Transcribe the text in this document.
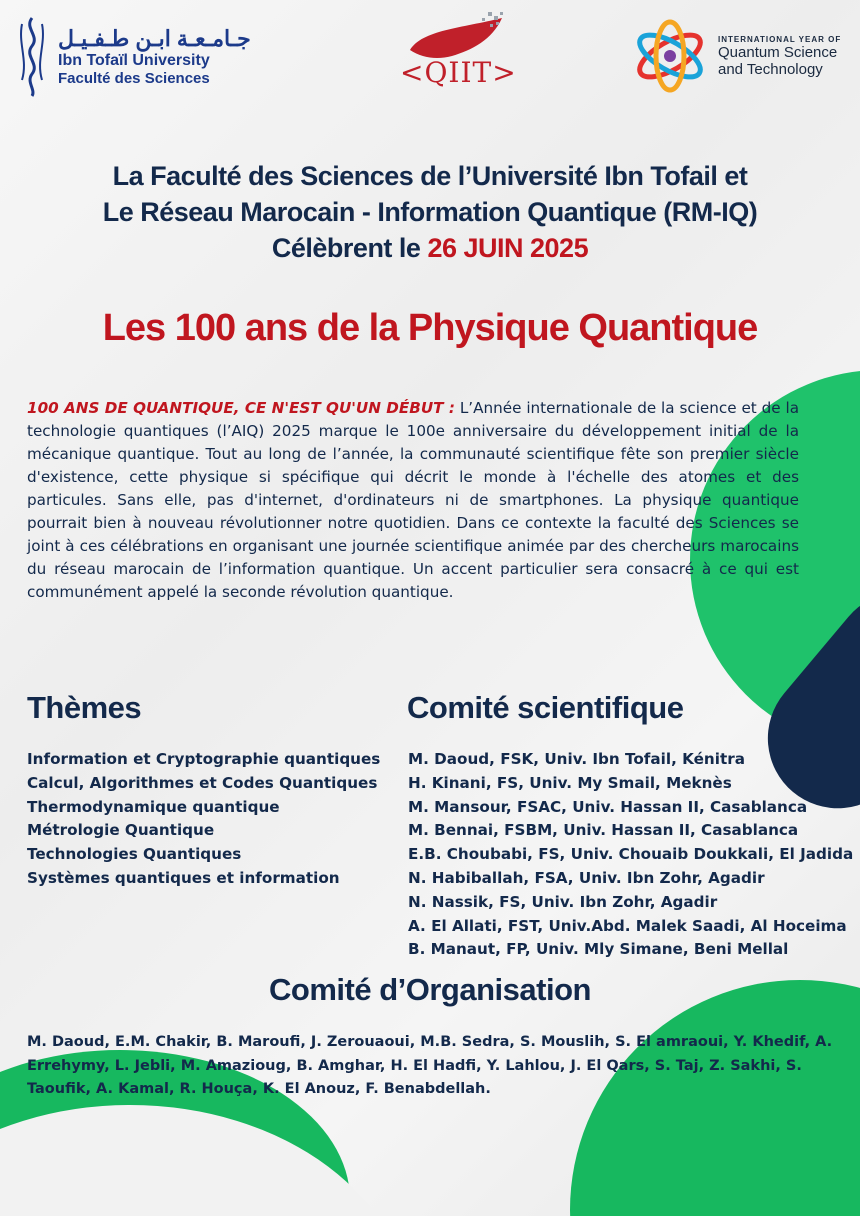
جـامـعـة ابـن طـفـيـل
Ibn Tofaïl University
Faculté des Sciences	<QIIT>
INTERNATIONAL YEAR OF
Quantum Science
and Technology
La Faculté des Sciences de l’Université Ibn Tofail et
Le Réseau Marocain - Information Quantique (RM-IQ)
Célèbrent le 26 JUIN 2025
Les 100 ans de la Physique Quantique

100 ANS DE QUANTIQUE, CE N'EST QU'UN DÉBUT : L’Année internationale de la science et de la technologie quantiques (l’AIQ) 2025 marque le 100e anniversaire du développement initial de la mécanique quantique. Tout au long de l’année, la communauté scientifique fête son premier siècle d'existence, cette physique si spécifique qui décrit le monde à l'échelle des atomes et des particules. Sans elle, pas d'internet, d'ordinateurs ni de smartphones. La physique quantique pourrait bien à nouveau révolutionner notre quotidien. Dans ce contexte la faculté des Sciences se joint à ces célébrations en organisant une journée scientifique animée par des chercheurs marocains du réseau marocain de l’information quantique. Un accent particulier sera consacré à ce qui est communément appelé la seconde révolution quantique.

Thèmes
Information et Cryptographie quantiques
Calcul, Algorithmes et Codes Quantiques
Thermodynamique quantique
Métrologie Quantique
Technologies Quantiques
Systèmes quantiques et information
Comité scientifique
M. Daoud, FSK, Univ. Ibn Tofail, Kénitra
H. Kinani, FS, Univ. My Smail, Meknès
M. Mansour, FSAC, Univ. Hassan II, Casablanca
M. Bennai, FSBM, Univ. Hassan II, Casablanca
E.B. Choubabi, FS, Univ. Chouaib Doukkali, El Jadida
N. Habiballah, FSA, Univ. Ibn Zohr, Agadir
N. Nassik, FS, Univ. Ibn Zohr, Agadir
A. El Allati, FST, Univ.Abd. Malek Saadi, Al Hoceima
B. Manaut, FP, Univ. Mly Simane, Beni Mellal
Comité d’Organisation

M. Daoud, E.M. Chakir, B. Maroufi, J. Zerouaoui, M.B. Sedra, S. Mouslih, S. El amraoui, Y. Khedif, A. Errehymy, L. Jebli, M. Amazioug, B. Amghar, H. El Hadfi, Y. Lahlou, J. El Qars, S. Taj, Z. Sakhi, S. Taoufik, A. Kamal, R. Houça, K. El Anouz, F. Benabdellah.
